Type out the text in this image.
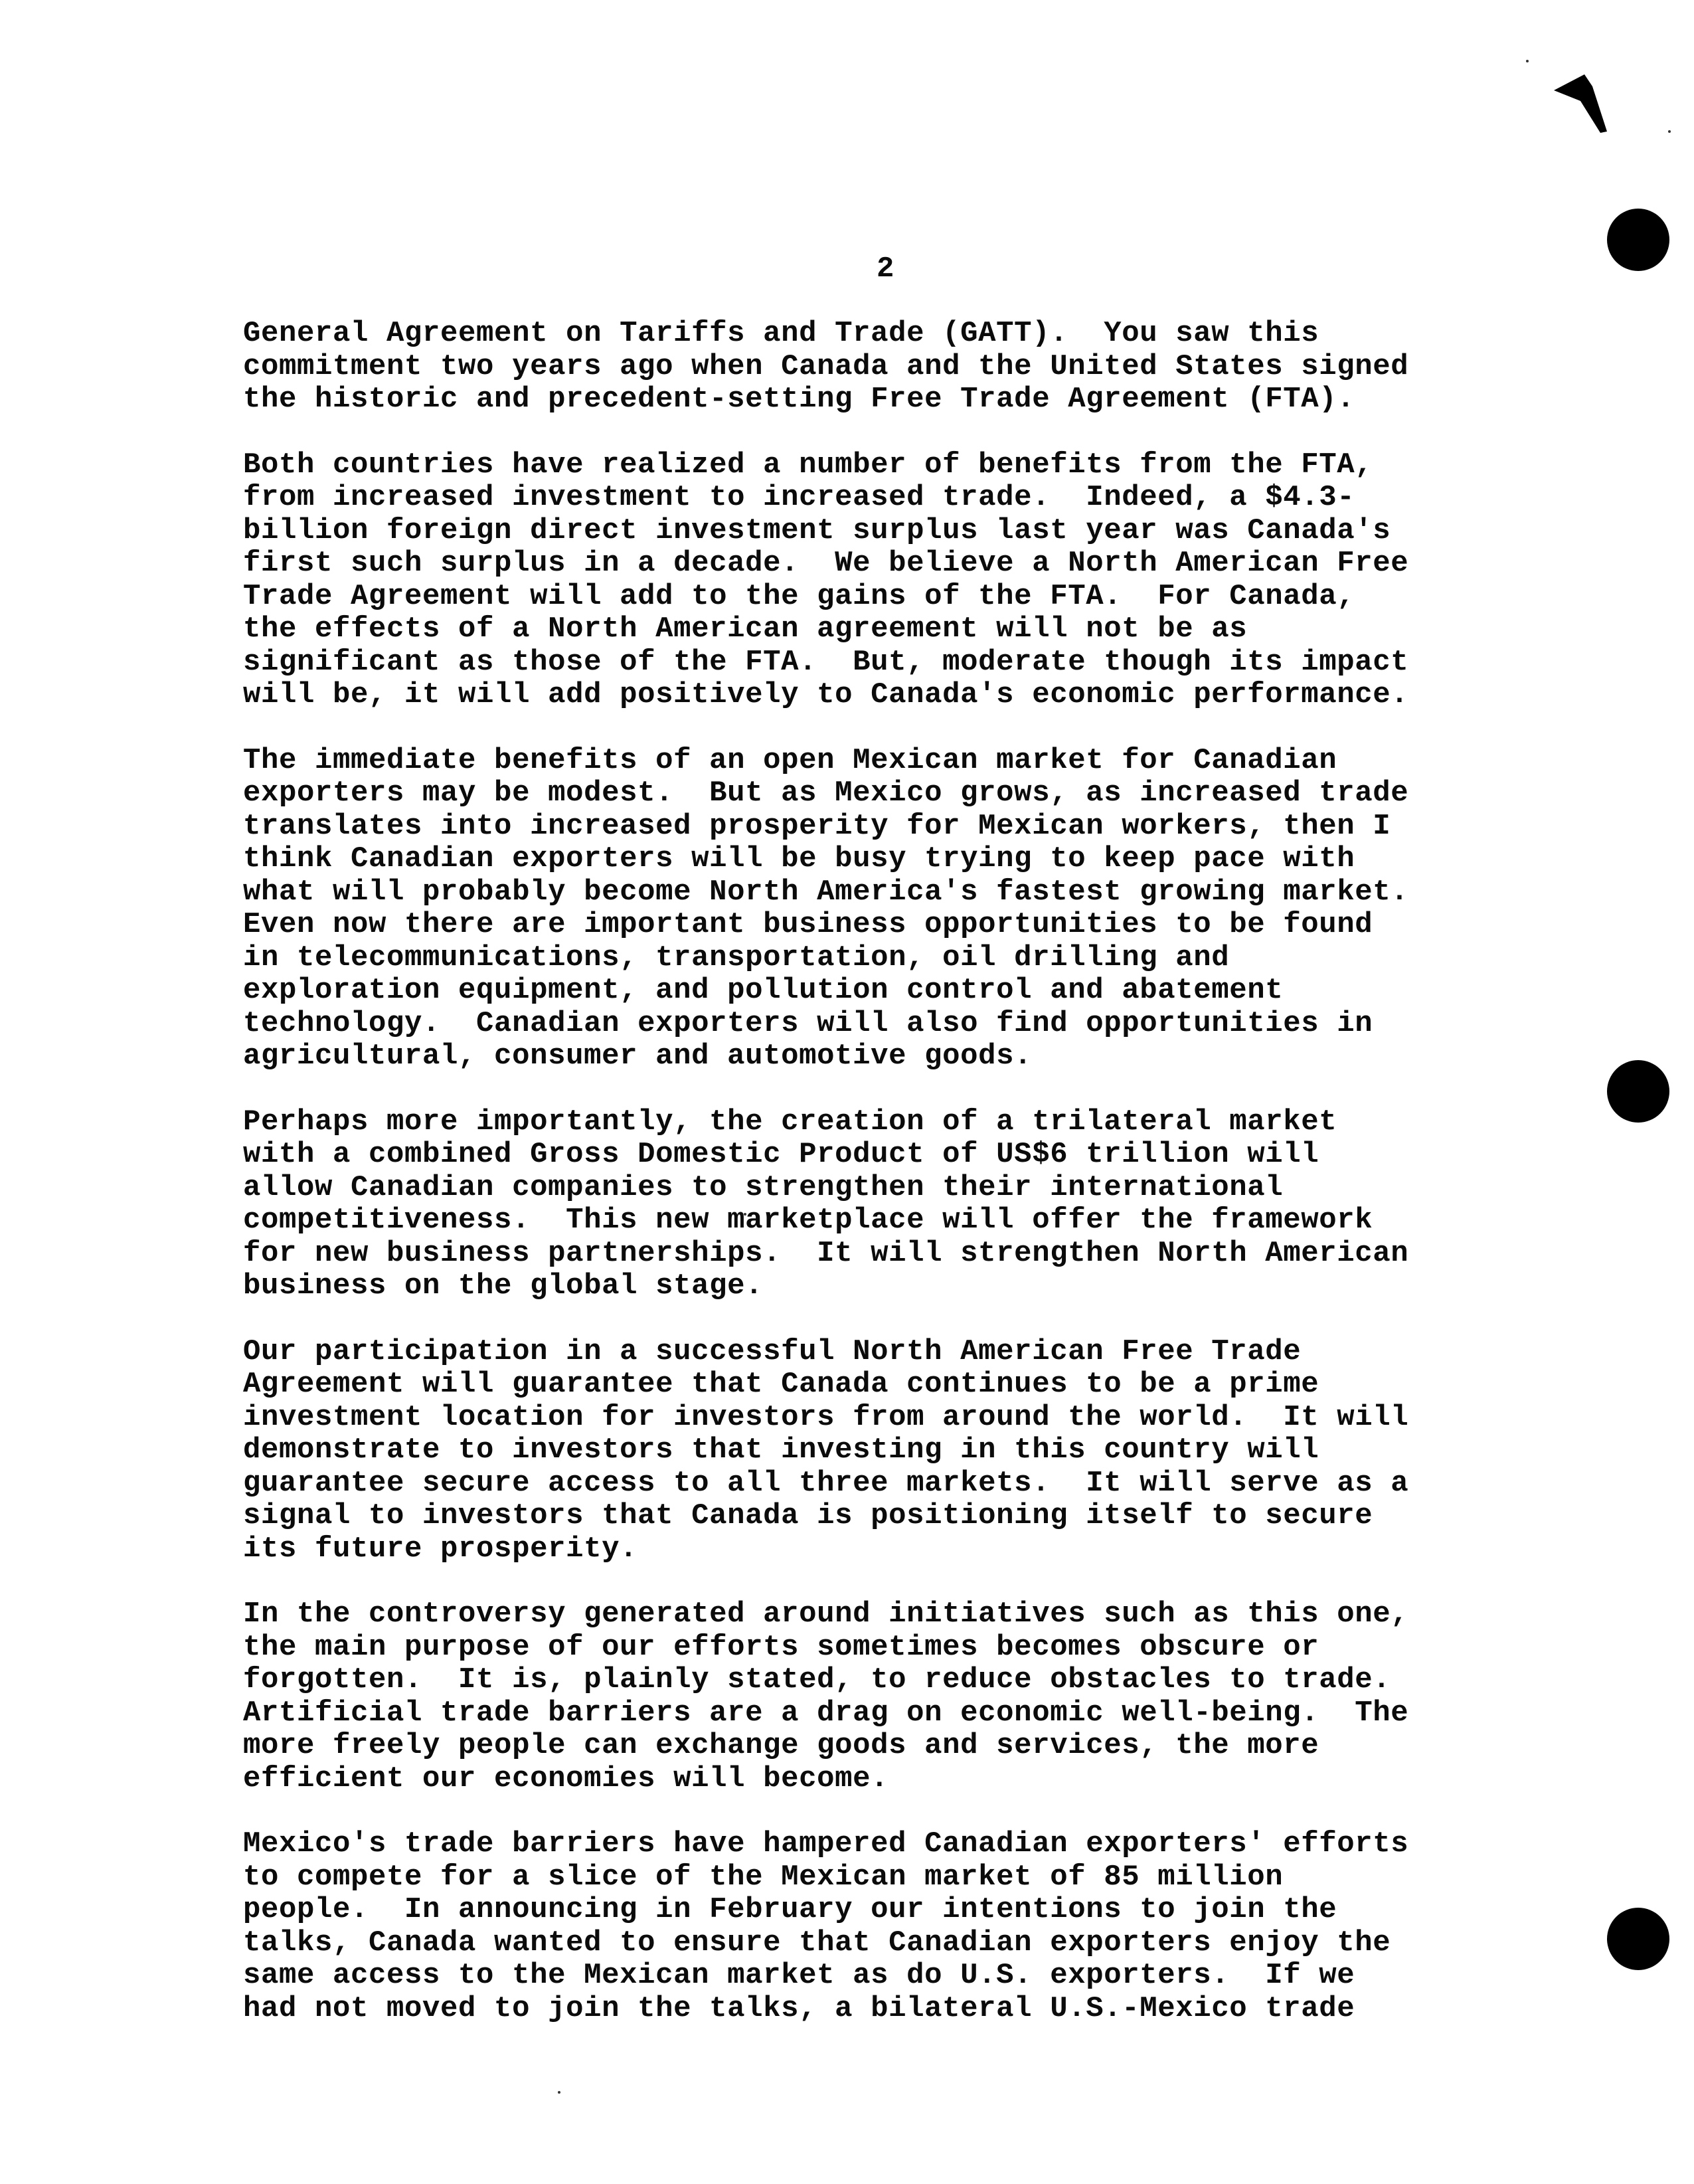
2
General Agreement on Tariffs and Trade (GATT).  You saw this
commitment two years ago when Canada and the United States signed
the historic and precedent-setting Free Trade Agreement (FTA).
Both countries have realized a number of benefits from the FTA,
from increased investment to increased trade.  Indeed, a $4.3-
billion foreign direct investment surplus last year was Canada's
first such surplus in a decade.  We believe a North American Free
Trade Agreement will add to the gains of the FTA.  For Canada,
the effects of a North American agreement will not be as
significant as those of the FTA.  But, moderate though its impact
will be, it will add positively to Canada's economic performance.
The immediate benefits of an open Mexican market for Canadian
exporters may be modest.  But as Mexico grows, as increased trade
translates into increased prosperity for Mexican workers, then I
think Canadian exporters will be busy trying to keep pace with
what will probably become North America's fastest growing market.
Even now there are important business opportunities to be found
in telecommunications, transportation, oil drilling and
exploration equipment, and pollution control and abatement
technology.  Canadian exporters will also find opportunities in
agricultural, consumer and automotive goods.
Perhaps more importantly, the creation of a trilateral market
with a combined Gross Domestic Product of US$6 trillion will
allow Canadian companies to strengthen their international
competitiveness.  This new marketplace will offer the framework
for new business partnerships.  It will strengthen North American
business on the global stage.
Our participation in a successful North American Free Trade
Agreement will guarantee that Canada continues to be a prime
investment location for investors from around the world.  It will
demonstrate to investors that investing in this country will
guarantee secure access to all three markets.  It will serve as a
signal to investors that Canada is positioning itself to secure
its future prosperity.
In the controversy generated around initiatives such as this one,
the main purpose of our efforts sometimes becomes obscure or
forgotten.  It is, plainly stated, to reduce obstacles to trade.
Artificial trade barriers are a drag on economic well-being.  The
more freely people can exchange goods and services, the more
efficient our economies will become.
Mexico's trade barriers have hampered Canadian exporters' efforts
to compete for a slice of the Mexican market of 85 million
people.  In announcing in February our intentions to join the
talks, Canada wanted to ensure that Canadian exporters enjoy the
same access to the Mexican market as do U.S. exporters.  If we
had not moved to join the talks, a bilateral U.S.-Mexico trade
